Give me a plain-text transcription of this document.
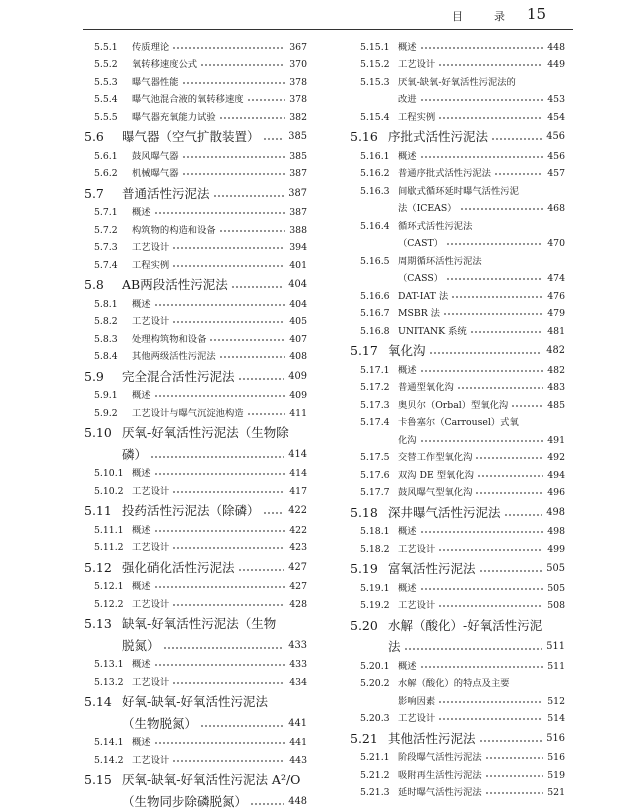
目　录 15
5.5.1	传质理论	367
5.5.2	氧转移速度公式	370
5.5.3	曝气器性能	378
5.5.4	曝气池混合液的氧转移速度	378
5.5.5	曝气器充氧能力试验	382
5.6	曝气器（空气扩散装置）	385
5.6.1	鼓风曝气器	385
5.6.2	机械曝气器	387
5.7	普通活性污泥法	387
5.7.1	概述	387
5.7.2	构筑物的构造和设备	388
5.7.3	工艺设计	394
5.7.4	工程实例	401
5.8	AB两段活性污泥法	404
5.8.1	概述	404
5.8.2	工艺设计	405
5.8.3	处理构筑物和设备	407
5.8.4	其他两级活性污泥法	408
5.9	完全混合活性污泥法	409
5.9.1	概述	409
5.9.2	工艺设计与曝气沉淀池构造	411
5.10 厌氧-好氧活性污泥法（生物除
磷）	414
5.10.1 概述	414
5.10.2 工艺设计	417
5.11 投药活性污泥法（除磷）	422
5.11.1 概述	422
5.11.2 工艺设计	423
5.12 强化硝化活性污泥法	427
5.12.1 概述	427
5.12.2 工艺设计	428
5.13 缺氧-好氧活性污泥法（生物
脱氮）	433
5.13.1 概述	433
5.13.2 工艺设计	434
5.14 好氧-缺氧-好氧活性污泥法
（生物脱氮）	441
5.14.1 概述	441
5.14.2 工艺设计	443
5.15 厌氧-缺氧-好氧活性污泥法 A²/O
（生物同步除磷脱氮）	448
5.15.1 概述	448
5.15.2 工艺设计	449
5.15.3 厌氧-缺氧-好氧活性污泥法的
改进	453
5.15.4 工程实例	454
5.16 序批式活性污泥法	456
5.16.1 概述	456
5.16.2 普通序批式活性污泥法	457
5.16.3 间歇式循环延时曝气活性污泥
法（ICEAS）	468
5.16.4 循环式活性污泥法
（CAST）	470
5.16.5 周期循环活性污泥法
（CASS）	474
5.16.6 DAT-IAT 法	476
5.16.7 MSBR 法	479
5.16.8 UNITANK 系统	481
5.17 氧化沟	482
5.17.1 概述	482
5.17.2 普通型氧化沟	483
5.17.3 奥贝尔（Orbal）型氧化沟	485
5.17.4 卡鲁塞尔（Carrousel）式氧
化沟	491
5.17.5 交替工作型氧化沟	492
5.17.6 双沟 DE 型氧化沟	494
5.17.7 鼓风曝气型氧化沟	496
5.18 深井曝气活性污泥法	498
5.18.1 概述	498
5.18.2 工艺设计	499
5.19 富氧活性污泥法	505
5.19.1 概述	505
5.19.2 工艺设计	508
5.20 水解（酸化）-好氧活性污泥
法	511
5.20.1 概述	511
5.20.2 水解（酸化）的特点及主要
影响因素	512
5.20.3 工艺设计	514
5.21 其他活性污泥法	516
5.21.1 阶段曝气活性污泥法	516
5.21.2 吸附再生活性污泥法	519
5.21.3 延时曝气活性污泥法	521
